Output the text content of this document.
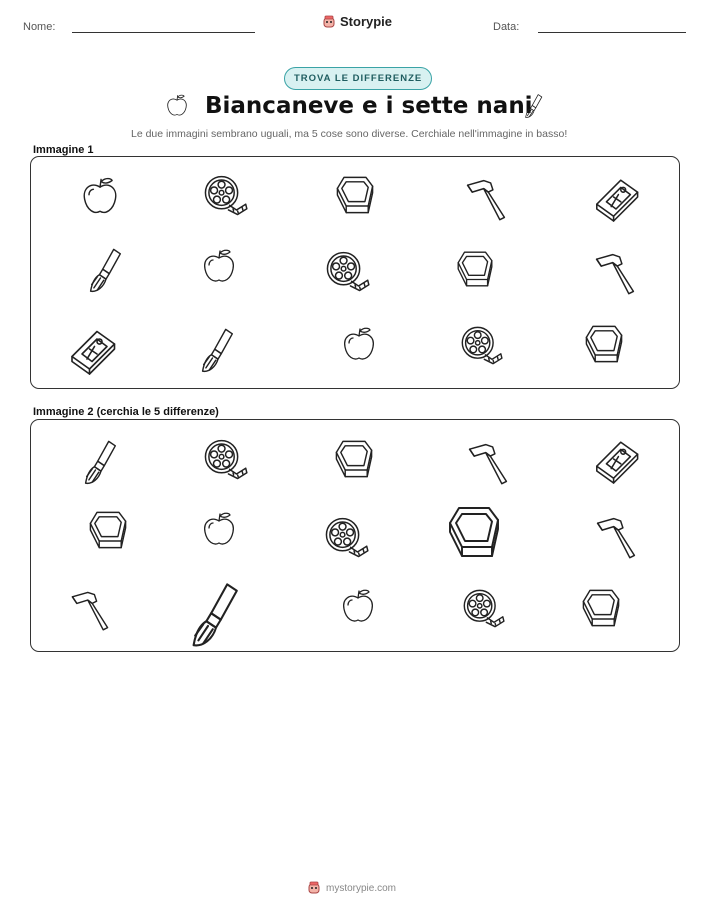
Nome:	Storypie	Data:
TROVA LE DIFFERENZE
Biancaneve e i sette nani
Le due immagini sembrano uguali, ma 5 cose sono diverse. Cerchiale nell'immagine in basso!
Immagine 1
Immagine 2 (cerchia le 5 differenze)
mystorypie.com
